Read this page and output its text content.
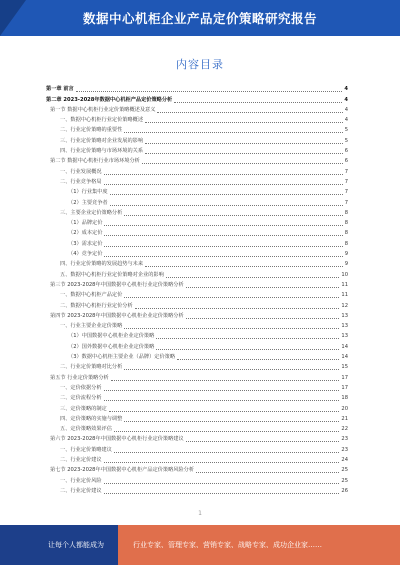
数据中心机柜企业产品定价策略研究报告
内容目录
第一章 前言	4
第二章 2023-2028年数据中心机柜产品定价策略分析	4
第一节 数据中心机柜行业定价策略概述及意义	4
一、数据中心机柜行业定价策略概述	4
二、行业定价策略的重要性	5
三、行业定价策略对企业发展的影响	5
四、行业定价策略与市场环境的关系	6
第二节 数据中心机柜行业市场环境分析	6
一、行业发展概况	7
二、行业竞争格局	7
（1）行业集中度	7
（2）主要竞争者	7
三、主要企业定价策略分析	8
（1）品牌定价	8
（2）成本定价	8
（3）需求定价	8
（4）竞争定价	9
四、行业定价策略的发展趋势与未来	9
五、数据中心机柜行业定价策略对企业的影响	10
第三节 2023-2028年中国数据中心机柜行业定价策略分析	11
一、数据中心机柜产品定价	11
二、数据中心机柜行业定价分析	12
第四节 2023-2028年中国数据中心机柜企业定价策略分析	13
一、行业主要企业定价策略	13
（1）中国数据中心机柜企业定价策略	13
（2）国外数据中心机柜企业定价策略	14
（3）数据中心机柜主要企业（品牌）定价策略	14
二、行业定价策略对比分析	15
第五节 行业定价策略分析	17
一、定价依据分析	17
二、定价流程分析	18
三、定价策略的制定	20
四、定价策略的实施与调整	21
五、定价策略效果评估	22
第六节 2023-2028年中国数据中心机柜行业定价策略建议	23
一、行业定价策略建议	23
二、行业定价建议	24
第七节 2023-2028年中国数据中心机柜产品定价策略风险分析	25
一、行业定价风险	25
二、行业定价建议	26
1
让每个人都能成为	行业专家、管理专家、营销专家、战略专家、成功企业家……
